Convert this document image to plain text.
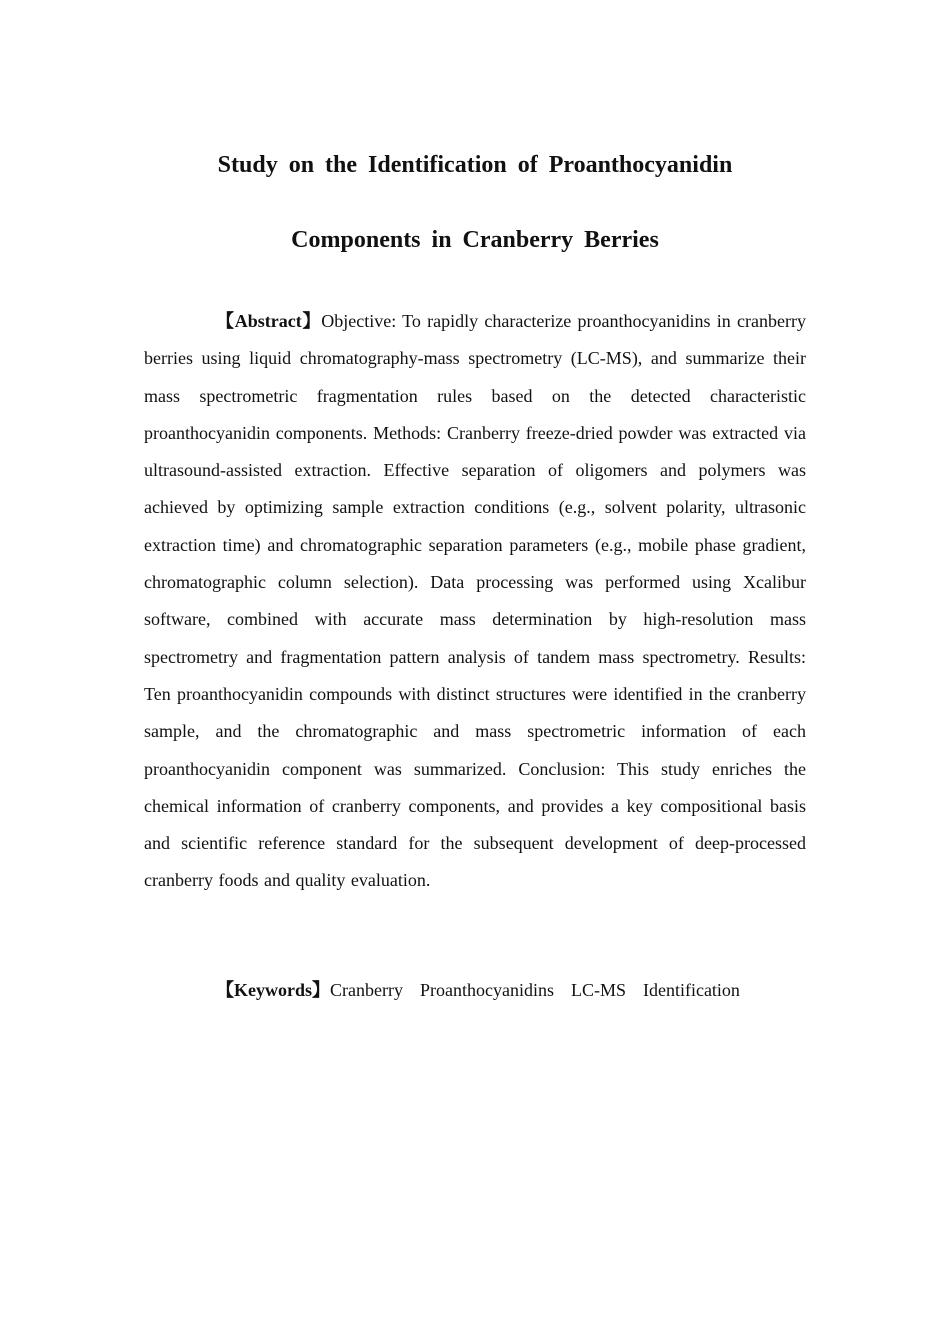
Study on the Identification of Proanthocyanidin
Components in Cranberry Berries
【Abstract】Objective: To rapidly characterize proanthocyanidins in cranberry berries using liquid chromatography-mass spectrometry (LC-MS), and summarize their mass spectrometric fragmentation rules based on the detected characteristic proanthocyanidin components. Methods: Cranberry freeze-dried powder was extracted via ultrasound-assisted extraction. Effective separation of oligomers and polymers was achieved by optimizing sample extraction conditions (e.g., solvent polarity, ultrasonic extraction time) and chromatographic separation parameters (e.g., mobile phase gradient, chromatographic column selection). Data processing was performed using Xcalibur software, combined with accurate mass determination by high-resolution mass spectrometry and fragmentation pattern analysis of tandem mass spectrometry. Results: Ten proanthocyanidin compounds with distinct structures were identified in the cranberry sample, and the chromatographic and mass spectrometric information of each proanthocyanidin component was summarized. Conclusion: This study enriches the chemical information of cranberry components, and provides a key compositional basis and scientific reference standard for the subsequent development of deep-processed cranberry foods and quality evaluation.
【Keywords】Cranberry Proanthocyanidins LC-MS Identification
